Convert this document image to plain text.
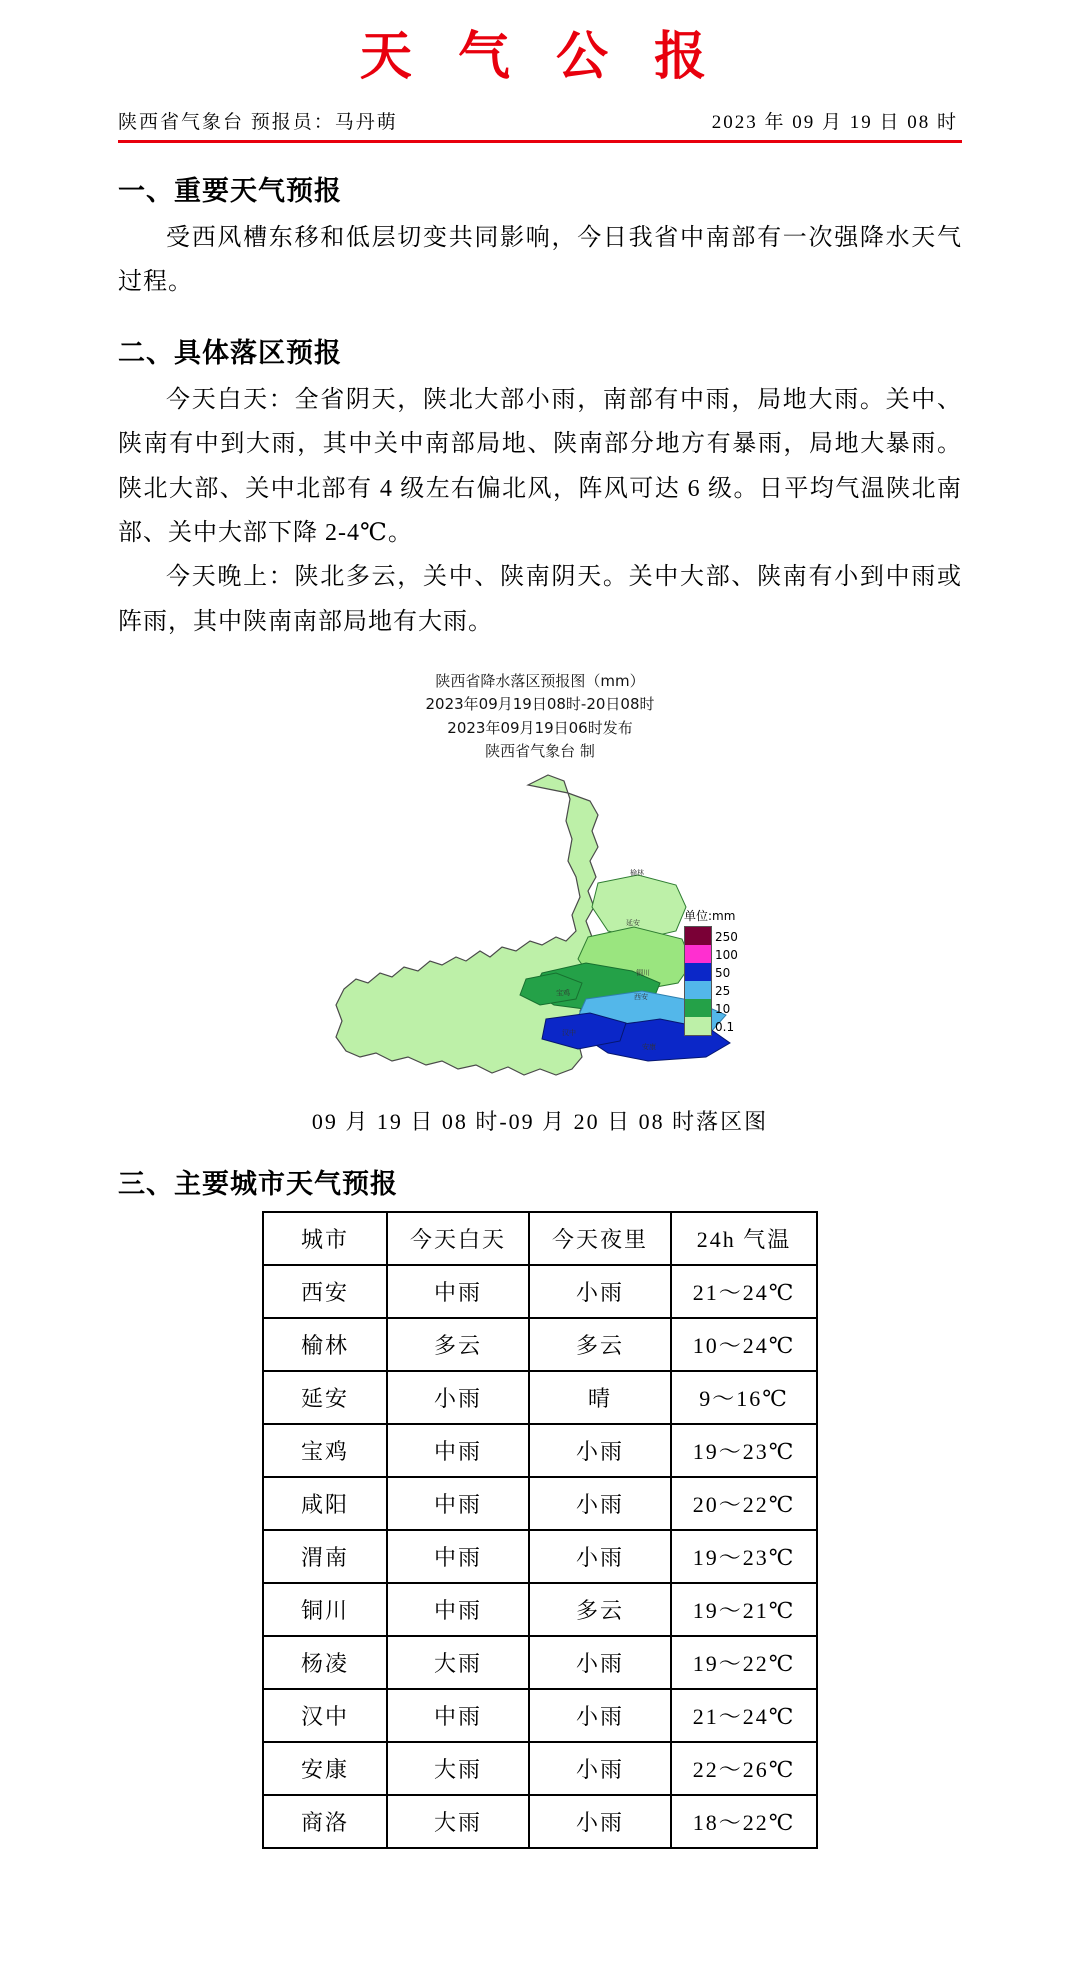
天 气 公 报
陕西省气象台 预报员：马丹萌	2023 年 09 月 19 日 08 时
一、重要天气预报
受西风槽东移和低层切变共同影响，今日我省中南部有一次强降水天气过程。
二、具体落区预报
今天白天：全省阴天，陕北大部小雨，南部有中雨，局地大雨。关中、陕南有中到大雨，其中关中南部局地、陕南部分地方有暴雨，局地大暴雨。陕北大部、关中北部有 4 级左右偏北风，阵风可达 6 级。日平均气温陕北南部、关中大部下降 2-4℃。
今天晚上：陕北多云，关中、陕南阴天。关中大部、陕南有小到中雨或阵雨，其中陕南南部局地有大雨。
陕西省降水落区预报图（mm）
2023年09月19日08时-20日08时
2023年09月19日06时发布
陕西省气象台 制
榆林
延安
铜川
宝鸡	西安
汉中
安康
单位:mm
250
100
50
25
10
0.1
09 月 19 日 08 时-09 月 20 日 08 时落区图
三、主要城市天气预报
城市	今天白天	今天夜里	24h 气温
西安	中雨	小雨	21～24℃
榆林	多云	多云	10～24℃
延安	小雨	晴	9～16℃
宝鸡	中雨	小雨	19～23℃
咸阳	中雨	小雨	20～22℃
渭南	中雨	小雨	19～23℃
铜川	中雨	多云	19～21℃
杨凌	大雨	小雨	19～22℃
汉中	中雨	小雨	21～24℃
安康	大雨	小雨	22～26℃
商洛	大雨	小雨	18～22℃
